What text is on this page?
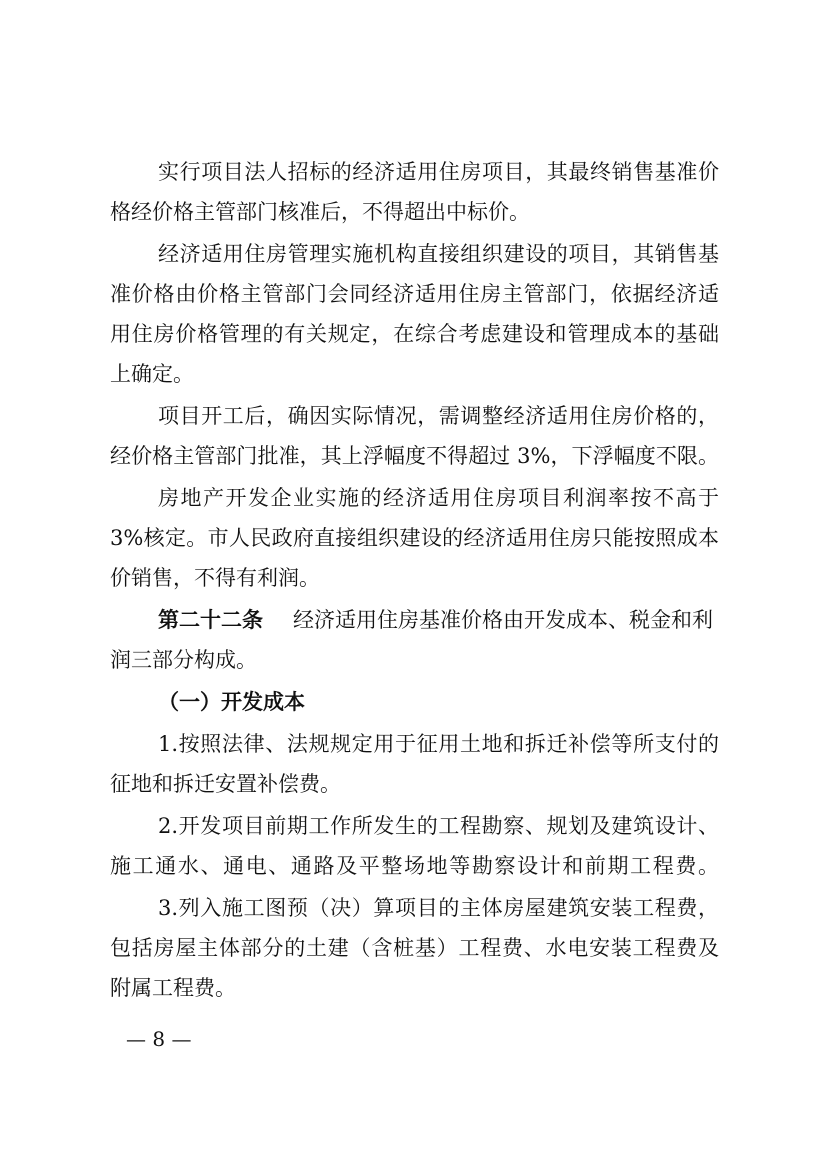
实行项目法人招标的经济适用住房项目，其最终销售基准价
格经价格主管部门核准后，不得超出中标价。
经济适用住房管理实施机构直接组织建设的项目，其销售基
准价格由价格主管部门会同经济适用住房主管部门，依据经济适
用住房价格管理的有关规定，在综合考虑建设和管理成本的基础
上确定。
项目开工后，确因实际情况，需调整经济适用住房价格的，
经价格主管部门批准，其上浮幅度不得超过 3%，下浮幅度不限。
房地产开发企业实施的经济适用住房项目利润率按不高于
3%核定。市人民政府直接组织建设的经济适用住房只能按照成本
价销售，不得有利润。
第二十二条 经济适用住房基准价格由开发成本、税金和利
润三部分构成。
（一）开发成本
1.按照法律、法规规定用于征用土地和拆迁补偿等所支付的
征地和拆迁安置补偿费。
2.开发项目前期工作所发生的工程勘察、规划及建筑设计、
施工通水、通电、通路及平整场地等勘察设计和前期工程费。
3.列入施工图预（决）算项目的主体房屋建筑安装工程费，
包括房屋主体部分的土建（含桩基）工程费、水电安装工程费及
附属工程费。
— 8 —
